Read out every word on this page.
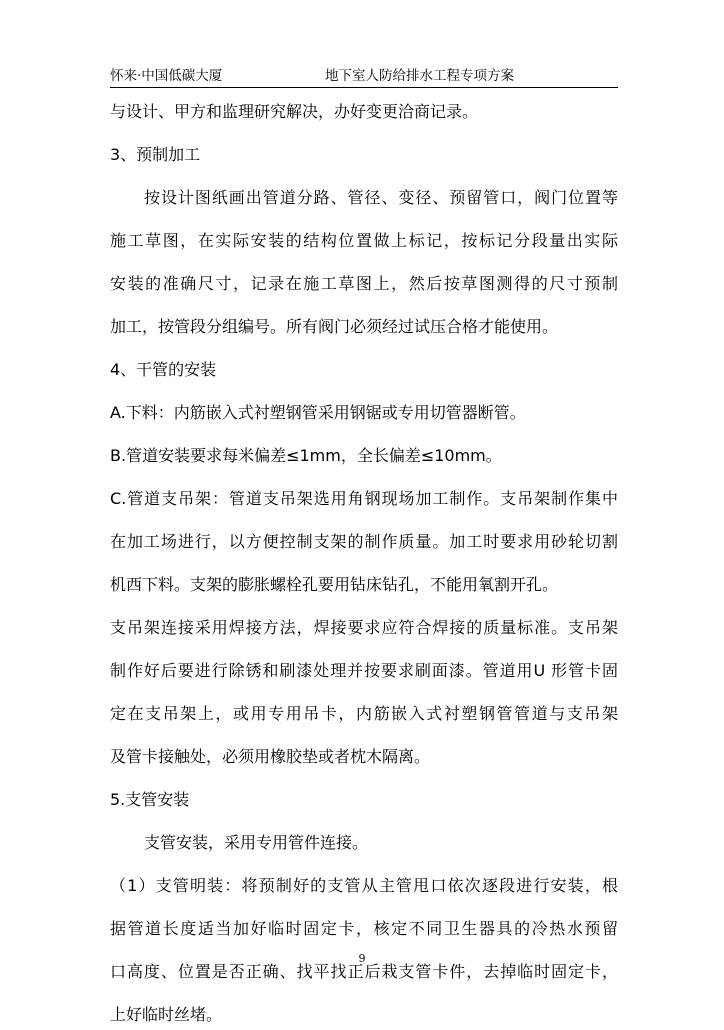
怀来·中国低碳大厦	地下室人防给排水工程专项方案
与设计、甲方和监理研究解决，办好变更洽商记录。
3、预制加工
按设计图纸画出管道分路、管径、变径、预留管口，阀门位置等
施工草图，在实际安装的结构位置做上标记，按标记分段量出实际
安装的准确尺寸，记录在施工草图上，然后按草图测得的尺寸预制
加工，按管段分组编号。所有阀门必须经过试压合格才能使用。
4、干管的安装
A.下料：内筋嵌入式衬塑钢管采用钢锯或专用切管器断管。
B.管道安装要求每米偏差≤1mm，全长偏差≤10mm。
C.管道支吊架：管道支吊架选用角钢现场加工制作。支吊架制作集中
在加工场进行，以方便控制支架的制作质量。加工时要求用砂轮切割
机西下料。支架的膨胀螺栓孔要用钻床钻孔，不能用氧割开孔。
支吊架连接采用焊接方法，焊接要求应符合焊接的质量标准。支吊架
制作好后要进行除锈和刷漆处理并按要求刷面漆。管道用U 形管卡固
定在支吊架上，或用专用吊卡，内筋嵌入式衬塑钢管管道与支吊架
及管卡接触处，必须用橡胶垫或者枕木隔离。
5.支管安装
支管安装，采用专用管件连接。
（1）支管明装：将预制好的支管从主管甩口依次逐段进行安装，根
据管道长度适当加好临时固定卡，核定不同卫生器具的冷热水预留
口高度、位置是否正确、找平找正后栽支管卡件，去掉临时固定卡，
上好临时丝堵。
9
